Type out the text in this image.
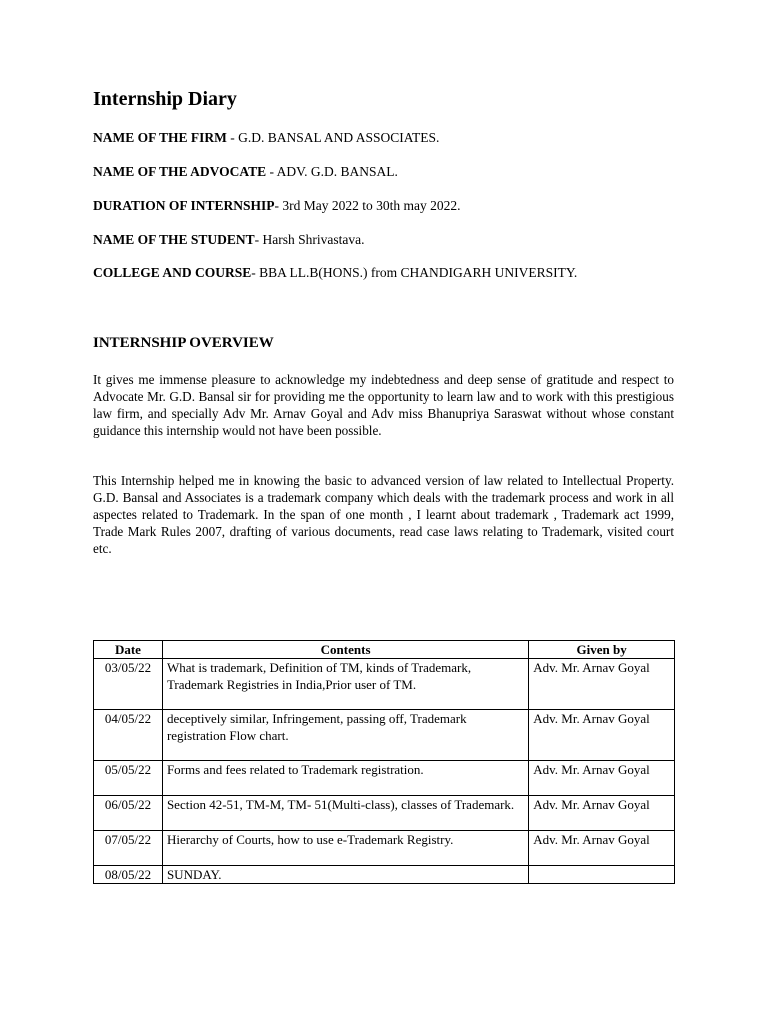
Internship Diary
NAME OF THE FIRM - G.D. BANSAL AND ASSOCIATES.
NAME OF THE ADVOCATE - ADV. G.D. BANSAL.
DURATION OF INTERNSHIP- 3rd May 2022 to 30th may 2022.
NAME OF THE STUDENT- Harsh Shrivastava.
COLLEGE AND COURSE- BBA LL.B(HONS.) from CHANDIGARH UNIVERSITY.
INTERNSHIP OVERVIEW

It gives me immense pleasure to acknowledge my indebtedness and deep sense of gratitude and respect to Advocate Mr. G.D. Bansal sir for providing me the opportunity to learn law and to work with this prestigious law firm, and specially Adv Mr. Arnav Goyal and Adv miss Bhanupriya Saraswat without whose constant guidance this internship would not have been possible.

This Internship helped me in knowing the basic to advanced version of law related to Intellectual Property. G.D. Bansal and Associates is a trademark company which deals with the trademark process and work in all aspectes related to Trademark. In the span of one month , I learnt about trademark , Trademark act 1999, Trade Mark Rules 2007, drafting of various documents, read case laws relating to Trademark, visited court etc.

Date	Contents	Given by
03/05/22	What is trademark, Definition of TM, kinds of Trademark, Trademark Registries in India,Prior user of TM.	Adv. Mr. Arnav Goyal
04/05/22	deceptively similar, Infringement, passing off, Trademark registration Flow chart.	Adv. Mr. Arnav Goyal
05/05/22	Forms and fees related to Trademark registration.	Adv. Mr. Arnav Goyal
06/05/22	Section 42-51, TM-M, TM- 51(Multi-class), classes of Trademark.	Adv. Mr. Arnav Goyal
07/05/22	Hierarchy of Courts, how to use e-Trademark Registry.	Adv. Mr. Arnav Goyal
08/05/22	SUNDAY.	
